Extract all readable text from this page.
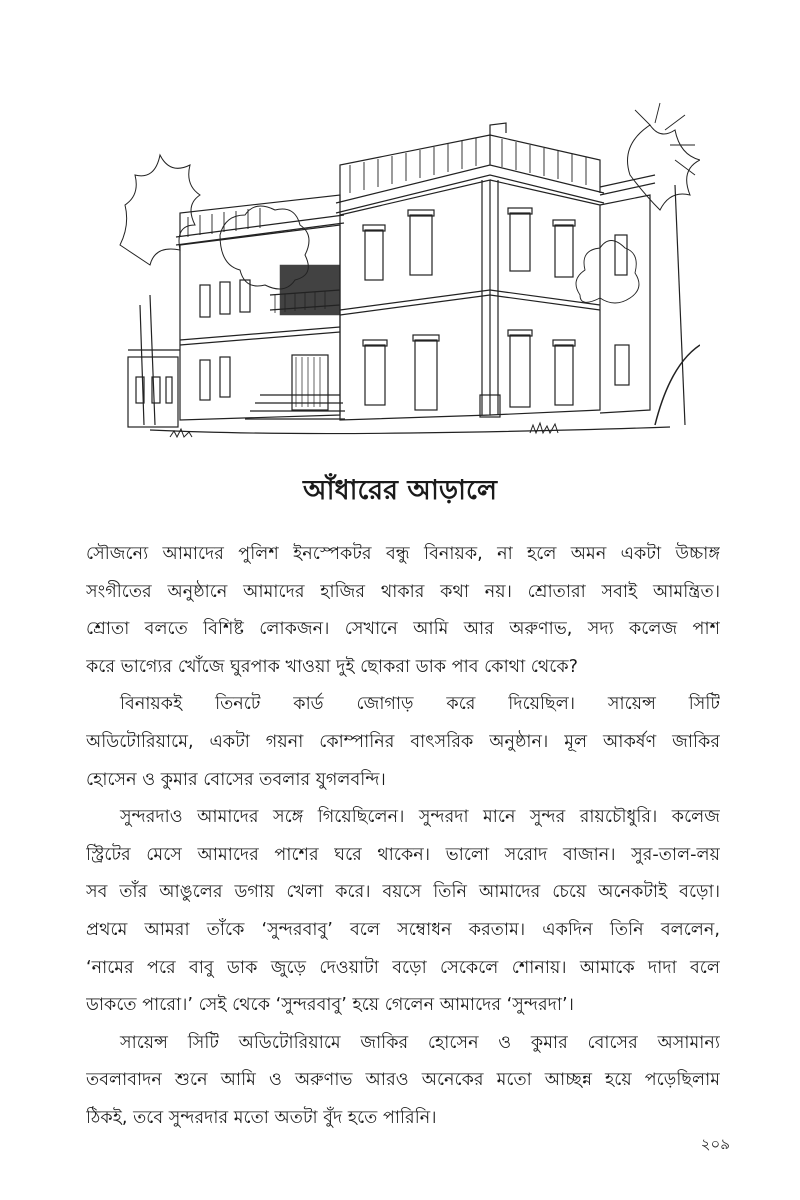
আঁধারের আড়ালে
সৌজন্যে আমাদের পুলিশ ইনস্পেকটর বন্ধু বিনায়ক, না হলে অমন একটা উচ্চাঙ্গ
সংগীতের অনুষ্ঠানে আমাদের হাজির থাকার কথা নয়। শ্রোতারা সবাই আমন্ত্রিত।
শ্রোতা বলতে বিশিষ্ট লোকজন। সেখানে আমি আর অরুণাভ, সদ্য কলেজ পাশ
করে ভাগ্যের খোঁজে ঘুরপাক খাওয়া দুই ছোকরা ডাক পাব কোথা থেকে?
বিনায়কই তিনটে কার্ড জোগাড় করে দিয়েছিল। সায়েন্স সিটি
অডিটোরিয়ামে, একটা গয়না কোম্পানির বাৎসরিক অনুষ্ঠান। মূল আকর্ষণ জাকির
হোসেন ও কুমার বোসের তবলার যুগলবন্দি।
সুন্দরদাও আমাদের সঙ্গে গিয়েছিলেন। সুন্দরদা মানে সুন্দর রায়চৌধুরি। কলেজ
স্ট্রিটের মেসে আমাদের পাশের ঘরে থাকেন। ভালো সরোদ বাজান। সুর-তাল-লয়
সব তাঁর আঙুলের ডগায় খেলা করে। বয়সে তিনি আমাদের চেয়ে অনেকটাই বড়ো।
প্রথমে আমরা তাঁকে ‘সুন্দরবাবু’ বলে সম্বোধন করতাম। একদিন তিনি বললেন,
‘নামের পরে বাবু ডাক জুড়ে দেওয়াটা বড়ো সেকেলে শোনায়। আমাকে দাদা বলে
ডাকতে পারো।’ সেই থেকে ‘সুন্দরবাবু’ হয়ে গেলেন আমাদের ‘সুন্দরদা’।
সায়েন্স সিটি অডিটোরিয়ামে জাকির হোসেন ও কুমার বোসের অসামান্য
তবলাবাদন শুনে আমি ও অরুণাভ আরও অনেকের মতো আচ্ছন্ন হয়ে পড়েছিলাম
ঠিকই, তবে সুন্দরদার মতো অতটা বুঁদ হতে পারিনি।
২০৯
